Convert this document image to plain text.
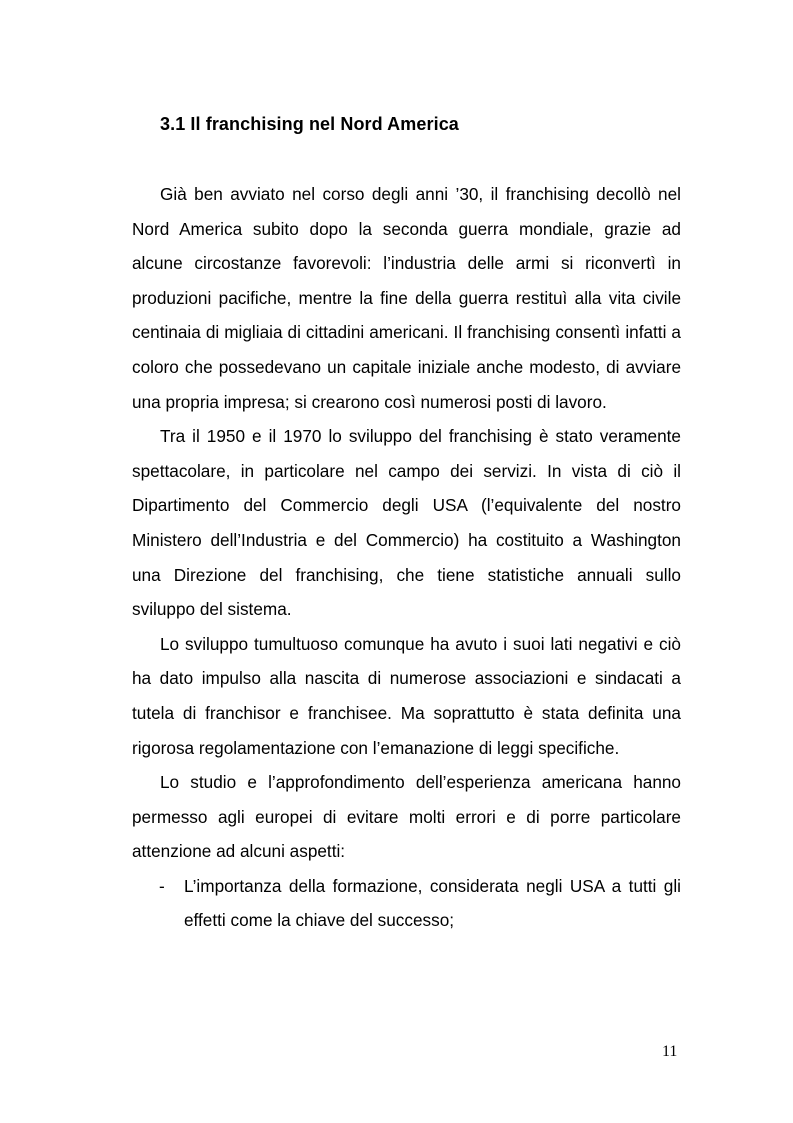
3.1 Il franchising nel Nord America

Già ben avviato nel corso degli anni ’30, il franchising decollò nel Nord America subito dopo la seconda guerra mondiale, grazie ad alcune circostanze favorevoli: l’industria delle armi si riconvertì in produzioni pacifiche, mentre la fine della guerra restituì alla vita civile centinaia di migliaia di cittadini americani. Il franchising consentì infatti a coloro che possedevano un capitale iniziale anche modesto, di avviare una propria impresa; si crearono così numerosi posti di lavoro.

Tra il 1950 e il 1970 lo sviluppo del franchising è stato veramente spettacolare, in particolare nel campo dei servizi. In vista di ciò il Dipartimento del Commercio degli USA (l’equivalente del nostro Ministero dell’Industria e del Commercio) ha costituito a Washington una Direzione del franchising, che tiene statistiche annuali sullo sviluppo del sistema.

Lo sviluppo tumultuoso comunque ha avuto i suoi lati negativi e ciò ha dato impulso alla nascita di numerose associazioni e sindacati a tutela di franchisor e franchisee. Ma soprattutto è stata definita una rigorosa regolamentazione con l’emanazione di leggi specifiche.

Lo studio e l’approfondimento dell’esperienza americana hanno permesso agli europei di evitare molti errori e di porre particolare attenzione ad alcuni aspetti:

- L’importanza della formazione, considerata negli USA a tutti gli effetti come la chiave del successo;
11
